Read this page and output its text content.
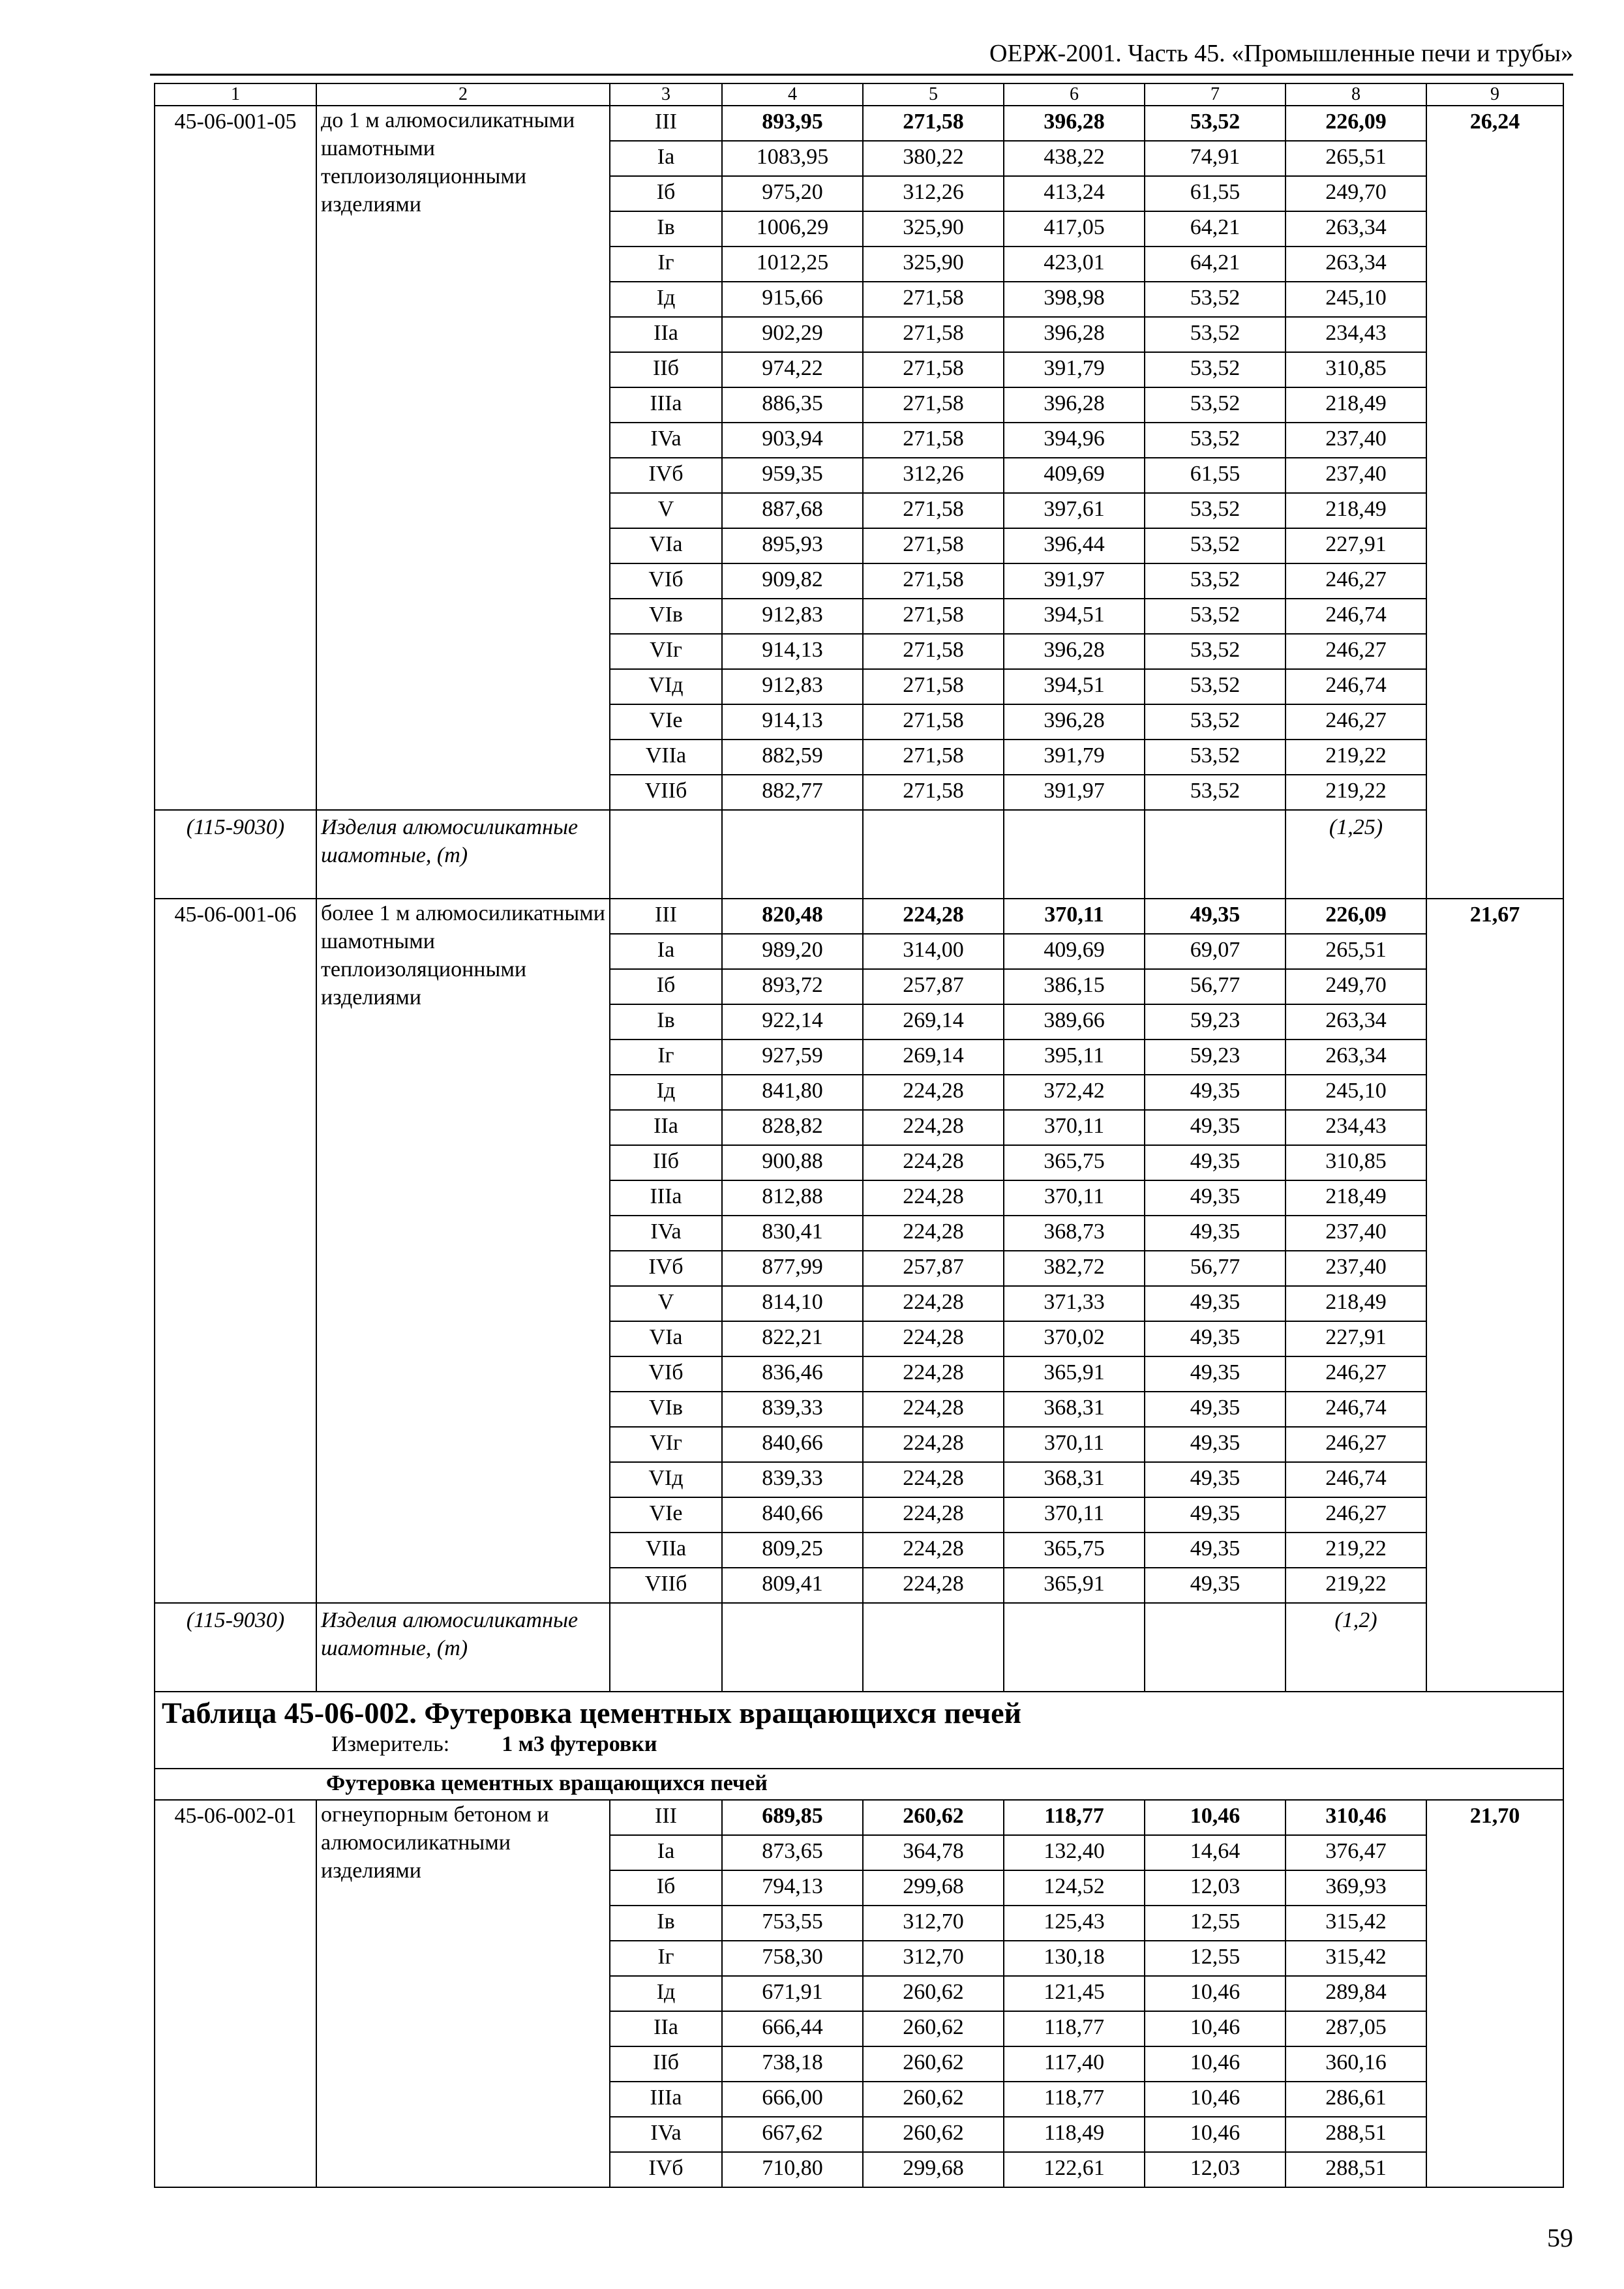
ОЕРЖ-2001. Часть 45. «Промышленные печи и трубы»
1	2	3	4	5	6	7	8	9
45-06-001-05	до 1 м алюмосиликатными шамотными теплоизоляционными изделиями	III	893,95	271,58	396,28	53,52	226,09	26,24
		Ia	1083,95	380,22	438,22	74,91	265,51	
		Iб	975,20	312,26	413,24	61,55	249,70	
		Iв	1006,29	325,90	417,05	64,21	263,34	
		Iг	1012,25	325,90	423,01	64,21	263,34	
		Iд	915,66	271,58	398,98	53,52	245,10	
		IIa	902,29	271,58	396,28	53,52	234,43	
		IIб	974,22	271,58	391,79	53,52	310,85	
		IIIa	886,35	271,58	396,28	53,52	218,49	
		IVa	903,94	271,58	394,96	53,52	237,40	
		IVб	959,35	312,26	409,69	61,55	237,40	
		V	887,68	271,58	397,61	53,52	218,49	
		VIa	895,93	271,58	396,44	53,52	227,91	
		VIб	909,82	271,58	391,97	53,52	246,27	
		VIв	912,83	271,58	394,51	53,52	246,74	
		VIг	914,13	271,58	396,28	53,52	246,27	
		VIд	912,83	271,58	394,51	53,52	246,74	
		VIe	914,13	271,58	396,28	53,52	246,27	
		VIIa	882,59	271,58	391,79	53,52	219,22	
		VIIб	882,77	271,58	391,97	53,52	219,22	
(115-9030)	Изделия алюмосиликатные шамотные, (т)						(1,25)	
45-06-001-06	более 1 м алюмосиликатными шамотными теплоизоляционными изделиями	III	820,48	224,28	370,11	49,35	226,09	21,67
		Ia	989,20	314,00	409,69	69,07	265,51	
		Iб	893,72	257,87	386,15	56,77	249,70	
		Iв	922,14	269,14	389,66	59,23	263,34	
		Iг	927,59	269,14	395,11	59,23	263,34	
		Iд	841,80	224,28	372,42	49,35	245,10	
		IIa	828,82	224,28	370,11	49,35	234,43	
		IIб	900,88	224,28	365,75	49,35	310,85	
		IIIa	812,88	224,28	370,11	49,35	218,49	
		IVa	830,41	224,28	368,73	49,35	237,40	
		IVб	877,99	257,87	382,72	56,77	237,40	
		V	814,10	224,28	371,33	49,35	218,49	
		VIa	822,21	224,28	370,02	49,35	227,91	
		VIб	836,46	224,28	365,91	49,35	246,27	
		VIв	839,33	224,28	368,31	49,35	246,74	
		VIг	840,66	224,28	370,11	49,35	246,27	
		VIд	839,33	224,28	368,31	49,35	246,74	
		VIe	840,66	224,28	370,11	49,35	246,27	
		VIIa	809,25	224,28	365,75	49,35	219,22	
		VIIб	809,41	224,28	365,91	49,35	219,22	
(115-9030)	Изделия алюмосиликатные шамотные, (т)						(1,2)	

Таблица 45-06-002. Футеровка цементных вращающихся печей
Измеритель: 1 м3 футеровки								

Футеровка цементных вращающихся печей								
45-06-002-01	огнеупорным бетоном и алюмосиликатными изделиями	III	689,85	260,62	118,77	10,46	310,46	21,70
		Ia	873,65	364,78	132,40	14,64	376,47	
		Iб	794,13	299,68	124,52	12,03	369,93	
		Iв	753,55	312,70	125,43	12,55	315,42	
		Iг	758,30	312,70	130,18	12,55	315,42	
		Iд	671,91	260,62	121,45	10,46	289,84	
		IIa	666,44	260,62	118,77	10,46	287,05	
		IIб	738,18	260,62	117,40	10,46	360,16	
		IIIa	666,00	260,62	118,77	10,46	286,61	
		IVa	667,62	260,62	118,49	10,46	288,51	
		IVб	710,80	299,68	122,61	12,03	288,51	
59
